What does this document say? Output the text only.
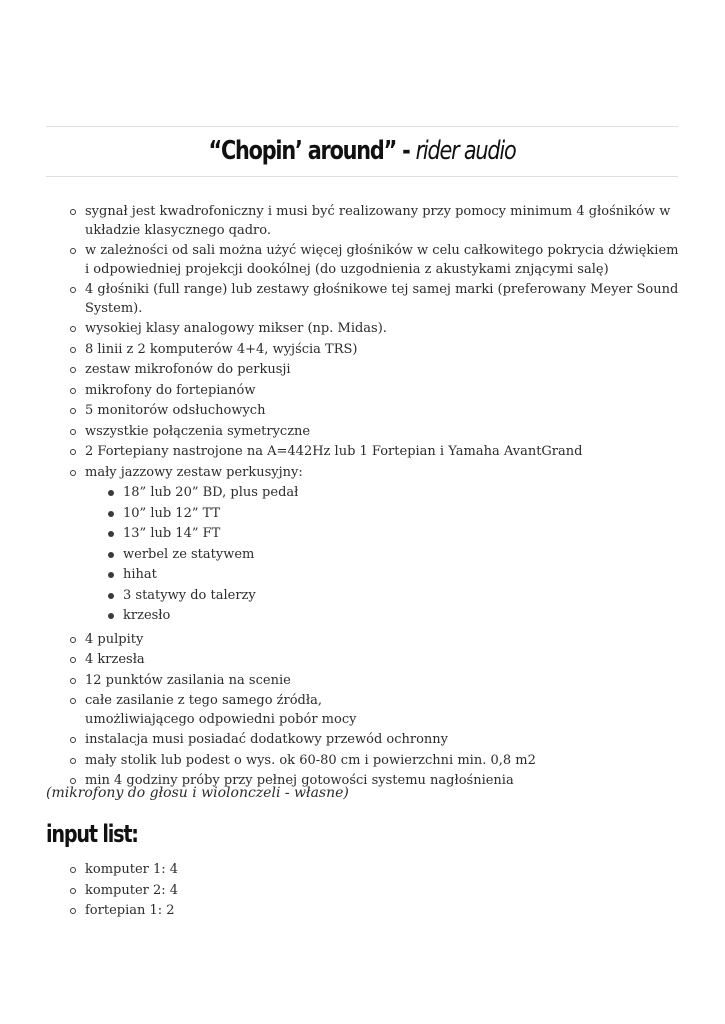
“Chopin’ around” - rider audio
sygnał jest kwadrofoniczny i musi być realizowany przy pomocy minimum 4 głośników w układzie klasycznego qadro.
w zależności od sali można użyć więcej głośników w celu całkowitego pokrycia dźwiękiem i odpowiedniej projekcji dookólnej (do uzgodnienia z akustykami znjącymi salę)
4 głośniki (full range) lub zestawy głośnikowe tej samej marki (preferowany Meyer Sound System).
wysokiej klasy analogowy mikser (np. Midas).
8 linii z 2 komputerów 4+4, wyjścia TRS)
zestaw mikrofonów do perkusji
mikrofony do fortepianów
5 monitorów odsłuchowych
wszystkie połączenia symetryczne
2 Fortepiany nastrojone na A=442Hz lub 1 Fortepian i Yamaha AvantGrand
mały jazzowy zestaw perkusyjny:
18” lub 20” BD, plus pedał
10” lub 12” TT
13” lub 14” FT
werbel ze statywem
hihat
3 statywy do talerzy
krzesło
4 pulpity
4 krzesła
12 punktów zasilania na scenie
całe zasilanie z tego samego źródła,
umożliwiającego odpowiedni pobór mocy
instalacja musi posiadać dodatkowy przewód ochronny
mały stolik lub podest o wys. ok 60-80 cm i powierzchni min. 0,8 m2
min 4 godziny próby przy pełnej gotowości systemu nagłośnienia

(mikrofony do głosu i wiolonczeli - własne)

input list:
komputer 1: 4
komputer 2: 4
fortepian 1: 2
